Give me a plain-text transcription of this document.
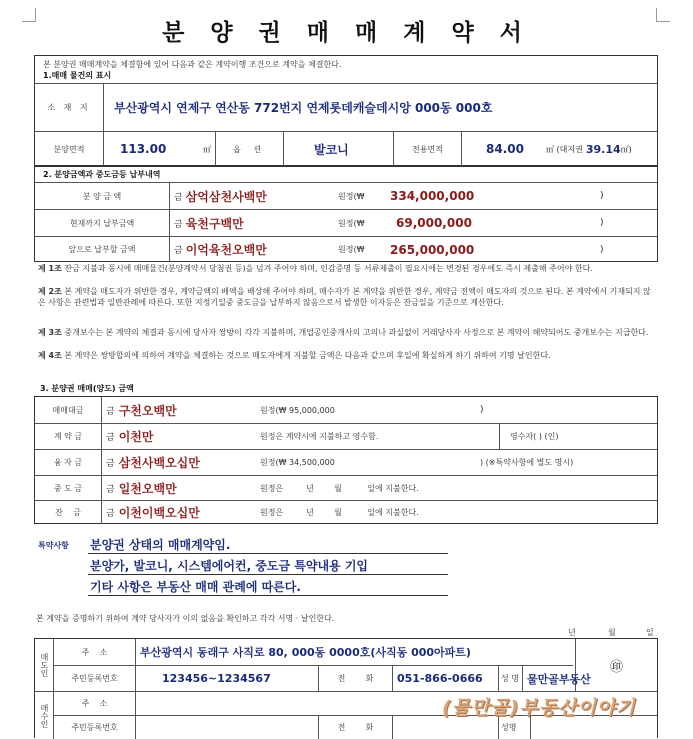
분 양 권 매 매 계 약 서
본 분양권 매매계약을 체결함에 있어 다음과 같은 계약이행 조건으로 계약을 체결한다.
1.매매 물건의 표시
소 재 지	부산광역시 연제구 연산동 772번지 연제롯데캐슬데시앙 000동 000호
분양면적	113.00	㎡	옵 션	발코니	전용면적	84.00	㎡ (대지권 39.14 ㎡)
2. 분양금액과 중도금등 납부내역
분 양 금 액	금 삼억삼천사백만	원정(₩ 334,000,000	)
현재까지 납부금액	금 육천구백만	원정(₩	69,000,000	)
앞으로 납부할 금액	금 이억육천오백만	원정(₩ 265,000,000	)
제 1조 잔금 지불과 동시에 매매물건(분양계약서 당첨권 등)을 넘겨 주어야 하며, 인감증명 등 서류제출이 필요시에는 변경된 경우에도 즉시 제출해 주어야 한다.
제 2조 본 계약을 매도자가 위반한 경우, 계약금액의 배액을 배상해 주어야 하며, 매수자가 본 계약을 위반한 경우, 계약금 전액이 매도자의 것으로 된다. 본 계약에서 기재되지 않은 사항은 관련법과 일반관례에 따른다. 또한 지정기일중 중도금을 납부하지 않음으로서 발생한 이자등은 잔금일을 기준으로 계산한다.
제 3조 중개보수는 본 계약의 체결과 동시에 당사자 쌍방이 각각 지불하며, 개업공인중개사의 고의나 과실없이 거래당사자 사정으로 본 계약이 해약되어도 중개보수는 지급한다.
제 4조 본 계약은 쌍방합의에 의하여 계약을 체결하는 것으로 매도자에게 지불할 금액은 다음과 같으며 후일에 확실하게 하기 위하여 기명 날인한다.
3. 분양권 매매(양도) 금액
매매대금	금 구천오백만	원정(₩ 95,000,000	)
계 약 금	금 이천만	원정은 계약시에 지불하고 영수함.	영수자( ) (인)
융 자 금	금 삼천사백오십만	원정(₩ 34,500,000	) (※특약사항에 별도 명시)
중 도 금	금 일천오백만	원정은         년        월          일에 지불한다.
잔    금	금 이천이백오십만	원정은         년        월          일에 지불한다.
특약사항 분양권 상태의 매매계약임.
분양가, 발코니, 시스템에어컨, 중도금 특약내용 기입
기타 사항은 부동산 매매 관례에 따른다.
본 계약을 증명하기 위하여 계약 당사자가 이의 없음을 확인하고 각각 서명 · 날인한다.
년	월	일
매도인
주    소	부산광역시 동래구 사직로 80, 000동 0000호(사직동 000아파트)
㊞
주민등록번호	123456~1234567	전        화	051-866-0666	성 명 물만골부동산
매수인	주    소
주민등록번호	전        화	성명
(물만골)부동산이야기
